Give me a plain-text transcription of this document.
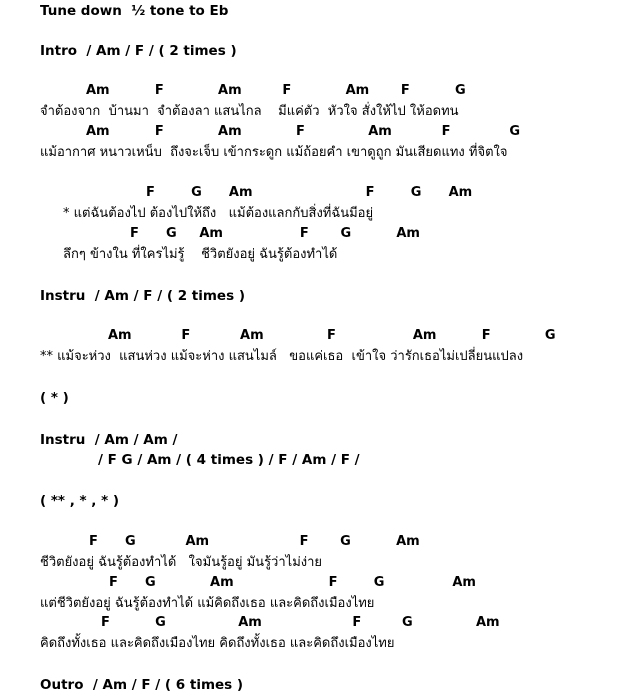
Tune down  ½ tone to Eb
Intro  / Am / F / ( 2 times )
Am          F            Am         F            Am       F          G
จำต้องจาก  บ้านมา  จำต้องลา แสนไกล    มีแค่ตัว  หัวใจ สั่งให้ไป ให้อดทน
Am          F            Am            F              Am           F             G
แม้อากาศ หนาวเหน็บ  ถึงจะเจ็บ เข้ากระดูก แม้ถ้อยคำ เขาดูถูก มันเสียดแทง ที่จิตใจ
F        G      Am                         F        G      Am
* แต่ฉันต้องไป ต้องไปให้ถึง   แม้ต้องแลกกับสิ่งที่ฉันมีอยู่
F      G     Am                 F       G          Am
ลึกๆ ข้างใน ที่ใครไม่รู้    ชีวิตยังอยู่ ฉันรู้ต้องทำได้
Instru  / Am / F / ( 2 times )
Am           F           Am              F                 Am          F            G
** แม้จะห่วง  แสนห่วง แม้จะห่าง แสนไมล์   ขอแค่เธอ  เข้าใจ ว่ารักเธอไม่เปลี่ยนแปลง
( * )
Instru  / Am / Am /
/ F G / Am / ( 4 times ) / F / Am / F /
( ** , * , * )
F      G           Am                    F       G          Am
ชีวิตยังอยู่ ฉันรู้ต้องทำได้   ใจมันรู้อยู่ มันรู้ว่าไม่ง่าย
F      G            Am                     F        G               Am
แต่ชีวิตยังอยู่ ฉันรู้ต้องทำได้ แม้คิดถึงเธอ และคิดถึงเมืองไทย
F          G                Am                    F         G              Am
คิดถึงทั้งเธอ และคิดถึงเมืองไทย คิดถึงทั้งเธอ และคิดถึงเมืองไทย
Outro  / Am / F / ( 6 times )
